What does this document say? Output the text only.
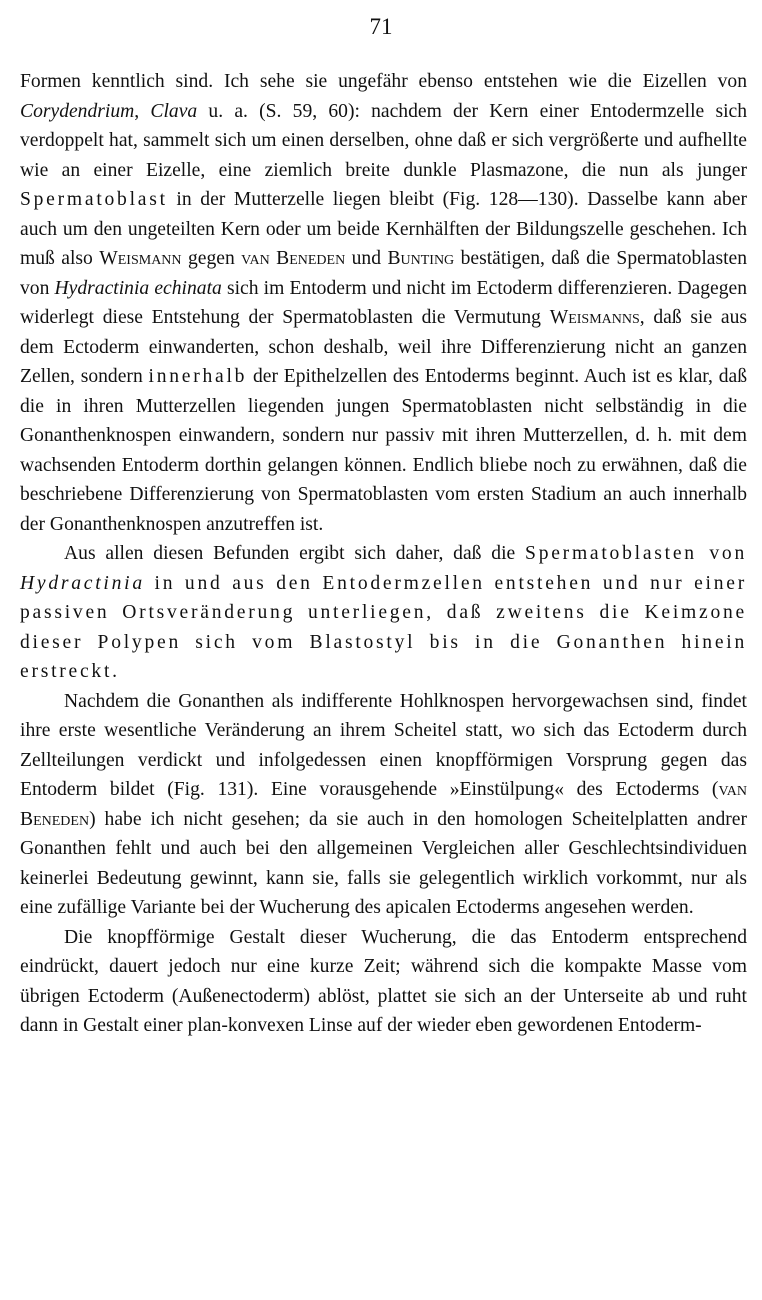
71

Formen kenntlich sind. Ich sehe sie ungefähr ebenso entstehen wie die Eizellen von Corydendrium, Clava u. a. (S. 59, 60): nachdem der Kern einer Entodermzelle sich verdoppelt hat, sammelt sich um einen derselben, ohne daß er sich vergrößerte und aufhellte wie an einer Eizelle, eine ziemlich breite dunkle Plasmazone, die nun als junger Spermatoblast in der Mutterzelle liegen bleibt (Fig. 128—130). Dasselbe kann aber auch um den ungeteilten Kern oder um beide Kernhälften der Bildungszelle geschehen. Ich muß also Weismann gegen van Beneden und Bunting bestätigen, daß die Spermatoblasten von Hydractinia echinata sich im Entoderm und nicht im Ectoderm differenzieren. Dagegen widerlegt diese Entstehung der Spermatoblasten die Vermutung Weismanns, daß sie aus dem Ectoderm einwanderten, schon deshalb, weil ihre Differenzierung nicht an ganzen Zellen, sondern innerhalb der Epithelzellen des Entoderms beginnt. Auch ist es klar, daß die in ihren Mutterzellen liegenden jungen Spermatoblasten nicht selbständig in die Gonanthenknospen einwandern, sondern nur passiv mit ihren Mutterzellen, d. h. mit dem wachsenden Entoderm dorthin gelangen können. Endlich bliebe noch zu erwähnen, daß die beschriebene Differenzierung von Spermatoblasten vom ersten Stadium an auch innerhalb der Gonanthenknospen anzutreffen ist.

Aus allen diesen Befunden ergibt sich daher, daß die Spermatoblasten von Hydractinia in und aus den Entodermzellen entstehen und nur einer passiven Ortsveränderung unterliegen, daß zweitens die Keimzone dieser Polypen sich vom Blastostyl bis in die Gonanthen hinein erstreckt.

Nachdem die Gonanthen als indifferente Hohlknospen hervorgewachsen sind, findet ihre erste wesentliche Veränderung an ihrem Scheitel statt, wo sich das Ectoderm durch Zellteilungen verdickt und infolgedessen einen knopfförmigen Vorsprung gegen das Entoderm bildet (Fig. 131). Eine vorausgehende »Einstülpung« des Ectoderms (van Beneden) habe ich nicht gesehen; da sie auch in den homologen Scheitelplatten andrer Gonanthen fehlt und auch bei den allgemeinen Vergleichen aller Geschlechtsindividuen keinerlei Bedeutung gewinnt, kann sie, falls sie gelegentlich wirklich vorkommt, nur als eine zufällige Variante bei der Wucherung des apicalen Ectoderms angesehen werden.

Die knopfförmige Gestalt dieser Wucherung, die das Entoderm entsprechend eindrückt, dauert jedoch nur eine kurze Zeit; während sich die kompakte Masse vom übrigen Ectoderm (Außenectoderm) ablöst, plattet sie sich an der Unterseite ab und ruht dann in Gestalt einer plan-konvexen Linse auf der wieder eben gewordenen Entoderm-
